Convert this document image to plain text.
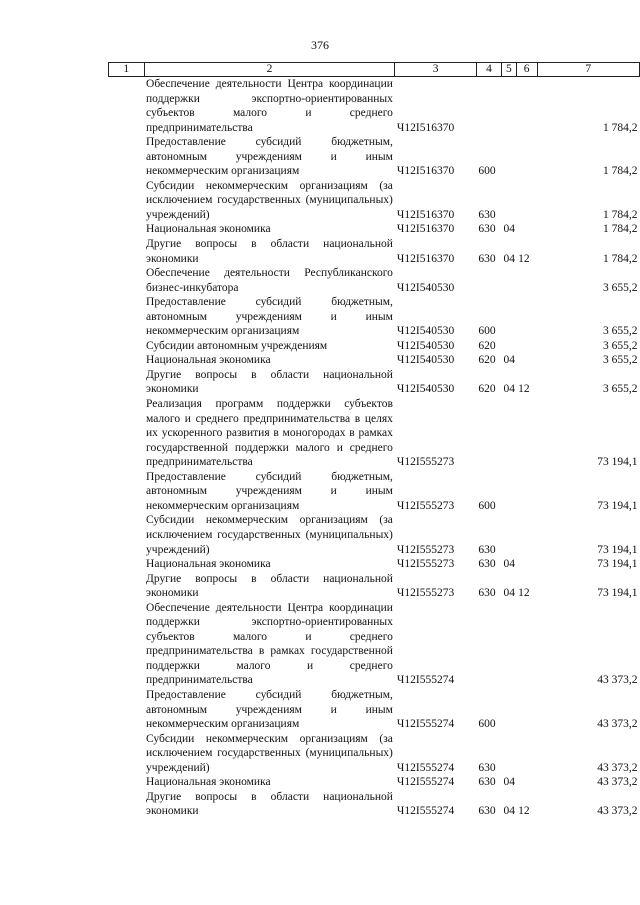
376
1	2	3	4	5	6	7
	Обеспечение деятельности Центра координации поддержки экспортно-ориентированных субъектов малого и среднего предпринимательства	Ч12I516370				1 784,2
	Предоставление субсидий бюджетным, автономным учреждениям и иным некоммерческим организациям	Ч12I516370	600			1 784,2
	Субсидии некоммерческим организациям (за исключением государственных (муниципальных) учреждений)	Ч12I516370	630			1 784,2
	Национальная экономика	Ч12I516370	630	04		1 784,2
	Другие вопросы в области национальной экономики	Ч12I516370	630	04	12	1 784,2
	Обеспечение деятельности Республиканского бизнес-инкубатора	Ч12I540530				3 655,2
	Предоставление субсидий бюджетным, автономным учреждениям и иным некоммерческим организациям	Ч12I540530	600			3 655,2
	Субсидии автономным учреждениям	Ч12I540530	620			3 655,2
	Национальная экономика	Ч12I540530	620	04		3 655,2
	Другие вопросы в области национальной экономики	Ч12I540530	620	04	12	3 655,2
	Реализация программ поддержки субъектов малого и среднего предпринимательства в целях их ускоренного развития в моногородах в рамках государственной поддержки малого и среднего предпринимательства	Ч12I555273				73 194,1
	Предоставление субсидий бюджетным, автономным учреждениям и иным некоммерческим организациям	Ч12I555273	600			73 194,1
	Субсидии некоммерческим организациям (за исключением государственных (муниципальных) учреждений)	Ч12I555273	630			73 194,1
	Национальная экономика	Ч12I555273	630	04		73 194,1
	Другие вопросы в области национальной экономики	Ч12I555273	630	04	12	73 194,1
	Обеспечение деятельности Центра координации поддержки экспортно-ориентированных субъектов малого и среднего предпринимательства в рамках государственной поддержки малого и среднего предпринимательства	Ч12I555274				43 373,2
	Предоставление субсидий бюджетным, автономным учреждениям и иным некоммерческим организациям	Ч12I555274	600			43 373,2
	Субсидии некоммерческим организациям (за исключением государственных (муниципальных) учреждений)	Ч12I555274	630			43 373,2
	Национальная экономика	Ч12I555274	630	04		43 373,2
	Другие вопросы в области национальной экономики	Ч12I555274	630	04	12	43 373,2
